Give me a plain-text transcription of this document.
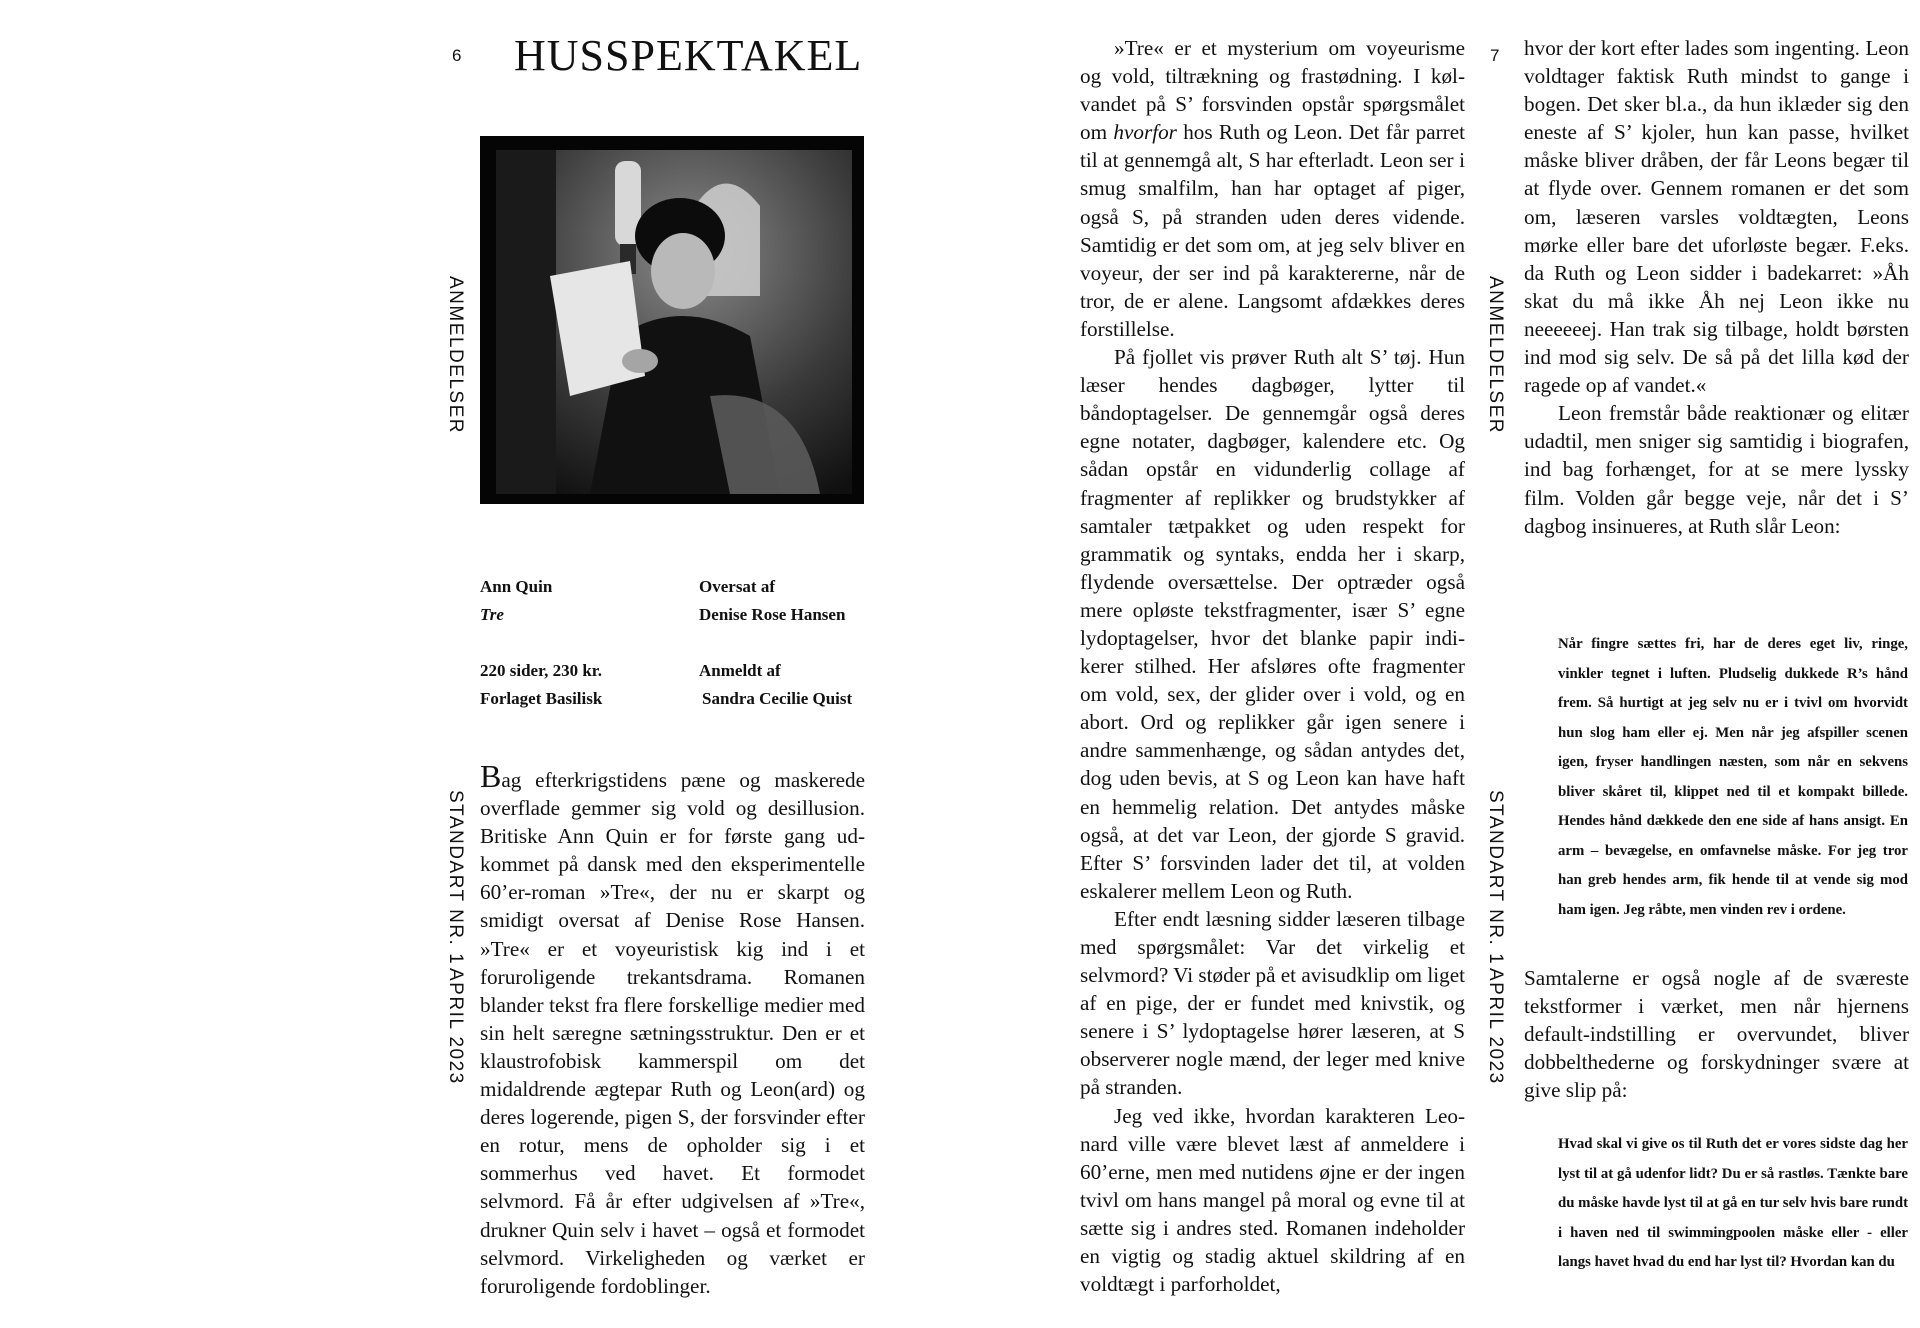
6 HUSSPEKTAKEL
ANMELDELSER
STANDART NR. 1
APRIL 2023
Ann Quin
Tre
220 sider, 230 kr.
Forlaget Basilisk
Oversat af
Denise Rose Hansen
Anmeldt af
Sandra Cecilie Quist

Bag efterkrigstidens pæne og maskerede overflade gemmer sig vold og desillusion. Britiske Ann Quin er for første gang udkommet på dansk med den eksperimentelle 60’er-roman »Tre«, der nu er skarpt og smidigt oversat af Denise Rose Hansen. »Tre« er et voyeuristisk kig ind i et foruroligende trekantsdrama. Romanen blander tekst fra flere forskellige medier med sin helt særegne sætningsstruktur. Den er et klaustrofobisk kammerspil om det midaldrende ægtepar Ruth og Leon(ard) og deres logerende, pigen S, der forsvinder efter en rotur, mens de opholder sig i et sommerhus ved havet. Et formodet selvmord. Få år efter udgivelsen af »Tre«, drukner Quin selv i havet – også et formodet selvmord. Virkeligheden og værket er foruroligende fordoblinger.

»Tre« er et mysterium om voyeurisme og vold, tiltrækning og frastødning. I kølvandet på S’ forsvinden opstår spørgsmålet om hvorfor hos Ruth og Leon. Det får parret til at gennemgå alt, S har efterladt. Leon ser i smug smalfilm, han har optaget af piger, også S, på stranden uden deres vidende. Samtidig er det som om, at jeg selv bliver en voyeur, der ser ind på karaktererne, når de tror, de er alene. Langsomt afdækkes deres forstillelse.

På fjollet vis prøver Ruth alt S’ tøj. Hun læser hendes dagbøger, lytter til båndoptagelser. De gennemgår også deres egne notater, dagbøger, kalendere etc. Og sådan opstår en vidunderlig collage af fragmenter af replikker og brudstykker af samtaler tætpakket og uden respekt for grammatik og syntaks, endda her i skarp, flydende oversættelse. Der optræder også mere opløste tekstfragmenter, især S’ egne lydoptagelser, hvor det blanke papir indikerer stilhed. Her afsløres ofte fragmenter om vold, sex, der glider over i vold, og en abort. Ord og replikker går igen senere i andre sammenhænge, og sådan antydes det, dog uden bevis, at S og Leon kan have haft en hemmelig relation. Det antydes måske også, at det var Leon, der gjorde S gravid. Efter S’ forsvinden lader det til, at volden eskalerer mellem Leon og Ruth.

Efter endt læsning sidder læseren tilbage med spørgsmålet: Var det virkelig et selvmord? Vi støder på et avisudklip om liget af en pige, der er fundet med knivstik, og senere i S’ lydoptagelse hører læseren, at S observerer nogle mænd, der leger med knive på stranden.

Jeg ved ikke, hvordan karakteren Leonard ville være blevet læst af anmeldere i 60’erne, men med nutidens øjne er der ingen tvivl om hans mangel på moral og evne til at sætte sig i andres sted. Romanen indeholder en vigtig og stadig aktuel skildring af en voldtægt i parforholdet,

7
ANMELDELSER
STANDART NR. 1
APRIL 2023

hvor der kort efter lades som ingenting. Leon voldtager faktisk Ruth mindst to gange i bogen. Det sker bl.a., da hun iklæder sig den eneste af S’ kjoler, hun kan passe, hvilket måske bliver dråben, der får Leons begær til at flyde over. Gennem romanen er det som om, læseren varsles voldtægten, Leons mørke eller bare det uforløste begær. F.eks. da Ruth og Leon sidder i badekarret: »Åh skat du må ikke Åh nej Leon ikke nu neeeeeej. Han trak sig tilbage, holdt børsten ind mod sig selv. De så på det lilla kød der ragede op af vandet.«

Leon fremstår både reaktionær og elitær udadtil, men sniger sig samtidig i biografen, ind bag forhænget, for at se mere lyssky film. Volden går begge veje, når det i S’ dagbog insinueres, at Ruth slår Leon:

Når fingre sættes fri, har de deres eget liv, ringe, vinkler tegnet i luften. Pludselig dukkede R’s hånd frem. Så hurtigt at jeg selv nu er i tvivl om hvorvidt hun slog ham eller ej. Men når jeg afspiller scenen igen, fryser handlingen næsten, som når en sekvens bliver skåret til, klippet ned til et kompakt billede. Hendes hånd dækkede den ene side af hans ansigt. En arm – bevægelse, en omfavnelse måske. For jeg tror han greb hendes arm, fik hende til at vende sig mod ham igen. Jeg råbte, men vinden rev i ordene.

Samtalerne er også nogle af de sværeste tekstformer i værket, men når hjernens default-indstilling er overvundet, bliver dobbelthederne og forskydninger svære at give slip på:

Hvad skal vi give os til Ruth det er vores sidste dag her lyst til at gå udenfor lidt? Du er så rastløs. Tænkte bare du måske havde lyst til at gå en tur selv hvis bare rundt i haven ned til swimmingpoolen måske eller - eller langs havet hvad du end har lyst til? Hvordan kan du
